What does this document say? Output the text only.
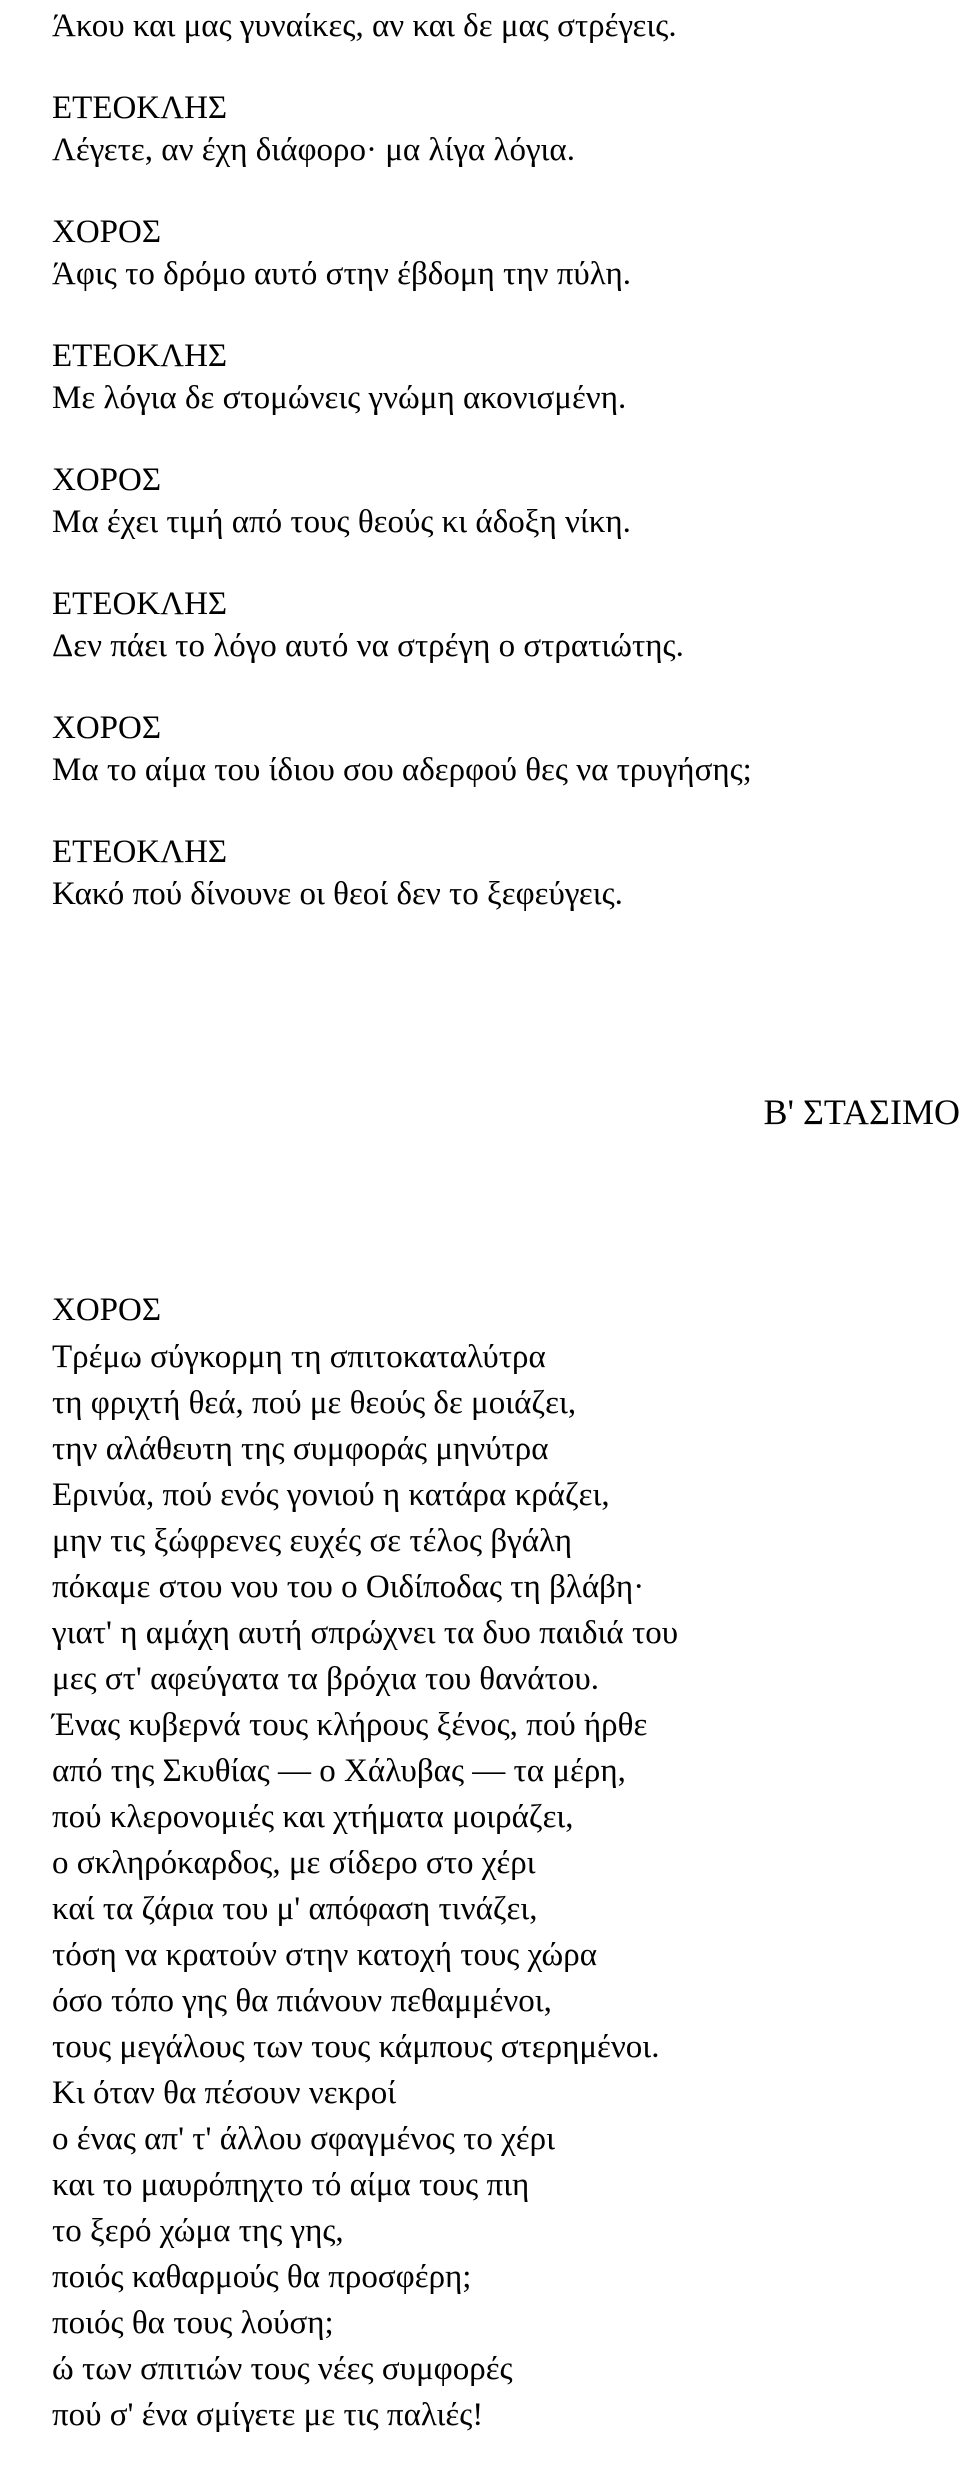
Άκου και μας γυναίκες, αν και δε μας στρέγεις.
ΕΤΕΟΚΛΗΣ
Λέγετε, αν έχη διάφορο· μα λίγα λόγια.
ΧΟΡΟΣ
Άφις το δρόμο αυτό στην έβδομη την πύλη.
ΕΤΕΟΚΛΗΣ
Με λόγια δε στομώνεις γνώμη ακονισμένη.
ΧΟΡΟΣ
Μα έχει τιμή από τους θεούς κι άδοξη νίκη.
ΕΤΕΟΚΛΗΣ
Δεν πάει το λόγο αυτό να στρέγη ο στρατιώτης.
ΧΟΡΟΣ
Μα το αίμα του ίδιου σου αδερφού θες να τρυγήσης;
ΕΤΕΟΚΛΗΣ
Κακό πού δίνουνε οι θεοί δεν το ξεφεύγεις.
Β' ΣΤΑΣΙΜΟ
ΧΟΡΟΣ
Τρέμω σύγκορμη τη σπιτοκαταλύτρα
τη φριχτή θεά, πού με θεούς δε μοιάζει,
την αλάθευτη της συμφοράς μηνύτρα
Ερινύα, πού ενός γονιού η κατάρα κράζει,
μην τις ξώφρενες ευχές σε τέλος βγάλη
πόκαμε στου νου του ο Οιδίποδας τη βλάβη·
γιατ' η αμάχη αυτή σπρώχνει τα δυο παιδιά του
μες στ' αφεύγατα τα βρόχια του θανάτου.
Ένας κυβερνά τους κλήρους ξένος, πού ήρθε
από της Σκυθίας — ο Χάλυβας — τα μέρη,
πού κλερονομιές και χτήματα μοιράζει,
ο σκληρόκαρδος, με σίδερο στο χέρι
καί τα ζάρια του μ' απόφαση τινάζει,
τόση να κρατούν στην κατοχή τους χώρα
όσο τόπο γης θα πιάνουν πεθαμμένοι,
τους μεγάλους των τους κάμπους στερημένοι.
Κι όταν θα πέσουν νεκροί
ο ένας απ' τ' άλλου σφαγμένος το χέρι
και το μαυρόπηχτο τό αίμα τους πιη
το ξερό χώμα της γης,
ποιός καθαρμούς θα προσφέρη;
ποιός θα τους λούση;
ώ των σπιτιών τους νέες συμφορές
πού σ' ένα σμίγετε με τις παλιές!
